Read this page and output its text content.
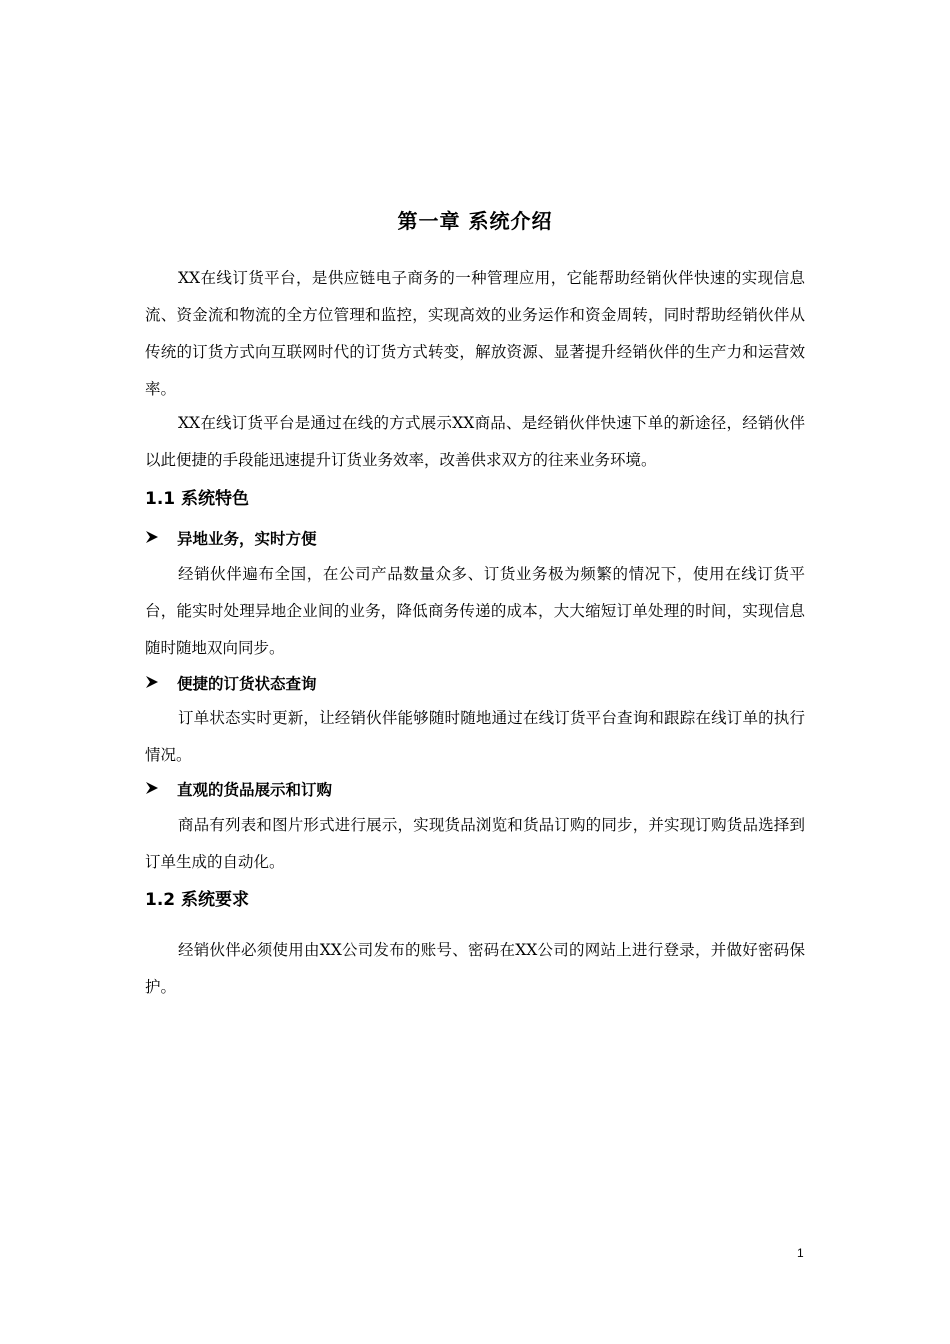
第一章 系统介绍

XX在线订货平台，是供应链电子商务的一种管理应用，它能帮助经销伙伴快速的实现信息流、资金流和物流的全方位管理和监控，实现高效的业务运作和资金周转，同时帮助经销伙伴从传统的订货方式向互联网时代的订货方式转变，解放资源、显著提升经销伙伴的生产力和运营效率。

XX在线订货平台是通过在线的方式展示XX商品、是经销伙伴快速下单的新途径，经销伙伴以此便捷的手段能迅速提升订货业务效率，改善供求双方的往来业务环境。

1.1 系统特色
异地业务，实时方便

经销伙伴遍布全国，在公司产品数量众多、订货业务极为频繁的情况下，使用在线订货平台，能实时处理异地企业间的业务，降低商务传递的成本，大大缩短订单处理的时间，实现信息随时随地双向同步。

便捷的订货状态查询

订单状态实时更新，让经销伙伴能够随时随地通过在线订货平台查询和跟踪在线订单的执行情况。

直观的货品展示和订购

商品有列表和图片形式进行展示，实现货品浏览和货品订购的同步，并实现订购货品选择到订单生成的自动化。

1.2 系统要求

经销伙伴必须使用由XX公司发布的账号、密码在XX公司的网站上进行登录，并做好密码保护。

1
